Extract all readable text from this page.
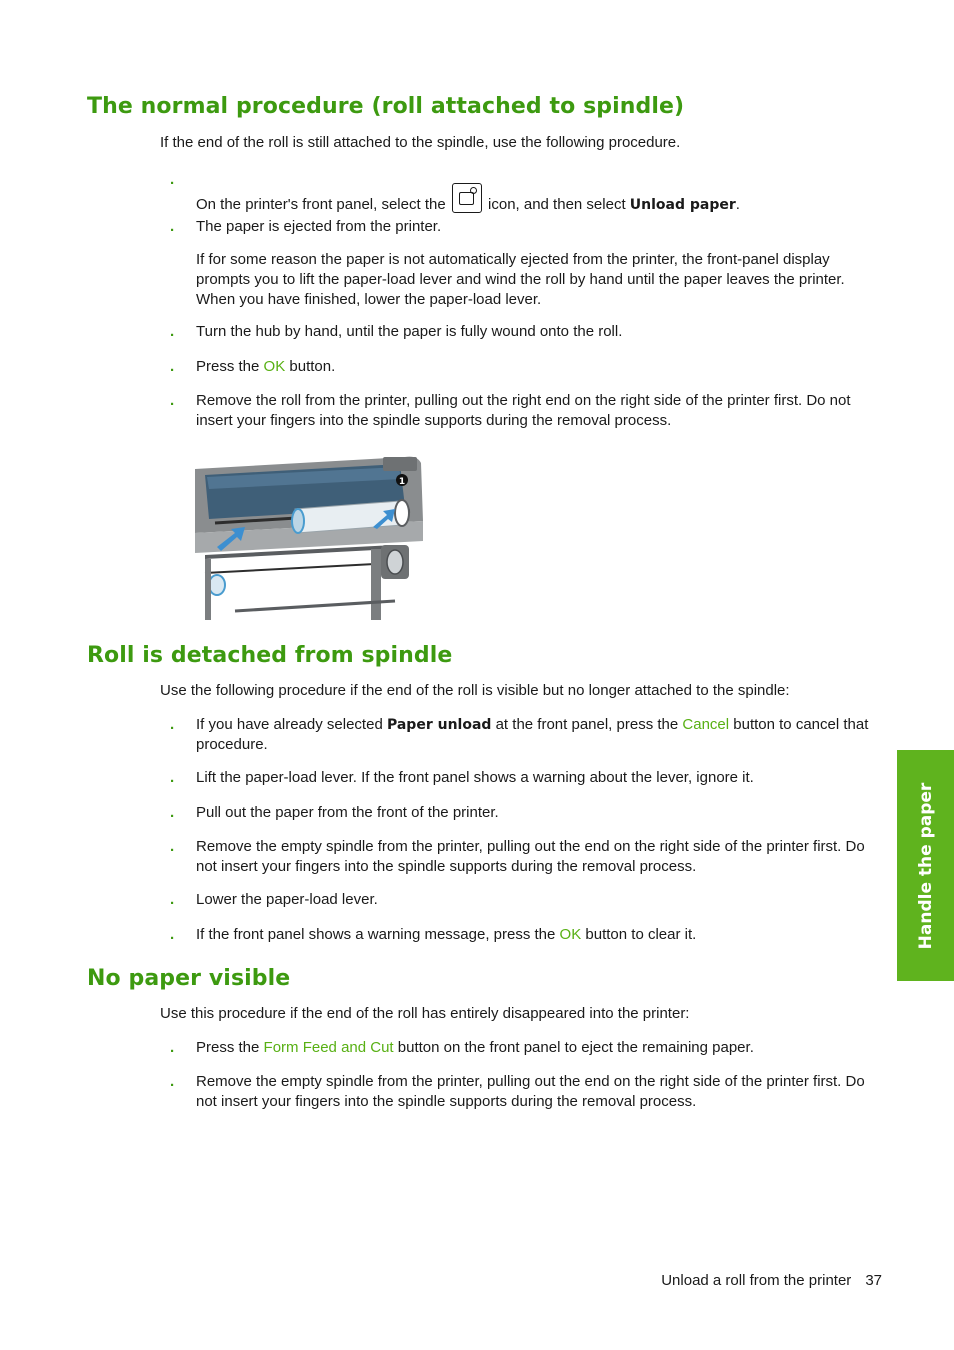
The normal procedure (roll attached to spindle)

If the end of the roll is still attached to the spindle, use the following procedure.

.
On the printer's front panel, select the	icon, and then select Unload paper.
.	The paper is ejected from the printer.
If for some reason the paper is not automatically ejected from the printer, the front-panel display prompts you to lift the paper-load lever and wind the roll by hand until the paper leaves the printer. When you have finished, lower the paper-load lever.
.	Turn the hub by hand, until the paper is fully wound onto the roll.
.	Press the OK button.
.	Remove the roll from the printer, pulling out the right end on the right side of the printer first. Do not insert your fingers into the spindle supports during the removal process.
1
Roll is detached from spindle

Use the following procedure if the end of the roll is visible but no longer attached to the spindle:

.	If you have already selected Paper unload at the front panel, press the Cancel button to cancel that procedure.
.	Lift the paper-load lever. If the front panel shows a warning about the lever, ignore it.
.	Pull out the paper from the front of the printer.
.	Remove the empty spindle from the printer, pulling out the end on the right side of the printer first. Do not insert your fingers into the spindle supports during the removal process.
.	Lower the paper-load lever.
.	If the front panel shows a warning message, press the OK button to clear it.
No paper visible

Use this procedure if the end of the roll has entirely disappeared into the printer:

.	Press the Form Feed and Cut button on the front panel to eject the remaining paper.
.	Remove the empty spindle from the printer, pulling out the end on the right side of the printer first. Do not insert your fingers into the spindle supports during the removal process.
Handle the paper
Unload a roll from the printer 37
